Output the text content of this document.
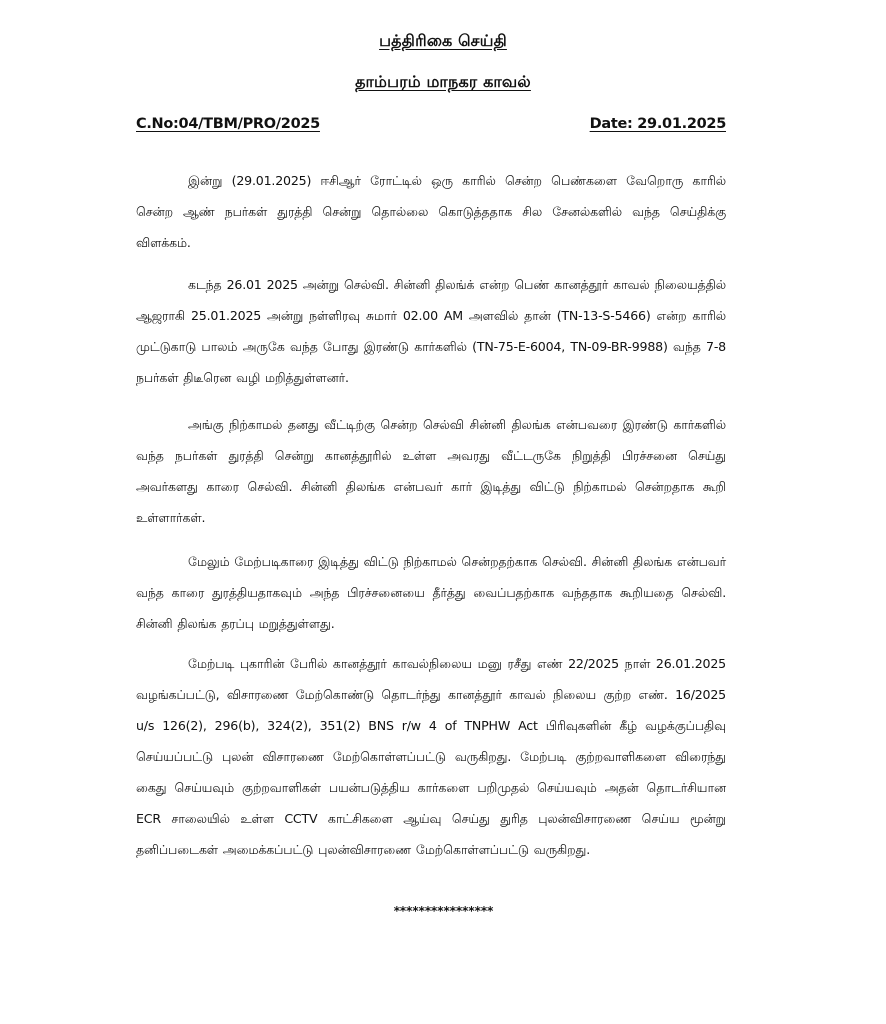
பத்திரிகை செய்தி
தாம்பரம் மாநகர காவல்
C.No:04/TBM/PRO/2025	Date: 29.01.2025

இன்று (29.01.2025) ஈசிஆர் ரோட்டில் ஒரு காரில் சென்ற பெண்களை வேறொரு காரில் சென்ற ஆண் நபர்கள் துரத்தி சென்று தொல்லை கொடுத்ததாக சில சேனல்களில் வந்த செய்திக்கு விளக்கம்.

கடந்த 26.01 2025 அன்று செல்வி. சின்னி திலங்க் என்ற பெண் கானத்தூர் காவல் நிலையத்தில் ஆஜராகி 25.01.2025 அன்று நள்ளிரவு சுமார் 02.00 AM அளவில் தான் (TN-13-S-5466) என்ற காரில் முட்டுகாடு பாலம் அருகே வந்த போது இரண்டு கார்களில் (TN-75-E-6004, TN-09-BR-9988) வந்த 7-8 நபர்கள் திடீரென வழி மறித்துள்ளனர்.

அங்கு நிற்காமல் தனது வீட்டிற்கு சென்ற செல்வி சின்னி திலங்க என்பவரை இரண்டு கார்களில் வந்த நபர்கள் துரத்தி சென்று கானத்தூரில் உள்ள அவரது வீட்டருகே நிறுத்தி பிரச்சனை செய்து அவர்களது காரை செல்வி. சின்னி திலங்க என்பவர் கார் இடித்து விட்டு நிற்காமல் சென்றதாக கூறி உள்ளார்கள்.

மேலும் மேற்படிகாரை இடித்து விட்டு நிற்காமல் சென்றதற்காக செல்வி. சின்னி திலங்க என்பவர் வந்த காரை துரத்தியதாகவும் அந்த பிரச்சனையை தீர்த்து வைப்பதற்காக வந்ததாக கூறியதை செல்வி. சின்னி திலங்க தரப்பு மறுத்துள்ளது.

மேற்படி புகாரின் பேரில் கானத்தூர் காவல்நிலைய மனு ரசீது எண் 22/2025 நாள் 26.01.2025 வழங்கப்பட்டு, விசாரணை மேற்கொண்டு தொடர்ந்து கானத்தூர் காவல் நிலைய குற்ற எண். 16/2025 u/s 126(2), 296(b), 324(2), 351(2) BNS r/w 4 of TNPHW Act பிரிவுகளின் கீழ் வழக்குப்பதிவு செய்யப்பட்டு புலன் விசாரணை மேற்கொள்ளப்பட்டு வருகிறது. மேற்படி குற்றவாளிகளை விரைந்து கைது செய்யவும் குற்றவாளிகள் பயன்படுத்திய கார்களை பறிமுதல் செய்யவும் அதன் தொடர்சியான ECR சாலையில் உள்ள CCTV காட்சிகளை ஆய்வு செய்து துரித புலன்விசாரணை செய்ய மூன்று தனிப்படைகள் அமைக்கப்பட்டு புலன்விசாரணை மேற்கொள்ளப்பட்டு வருகிறது.

****************
